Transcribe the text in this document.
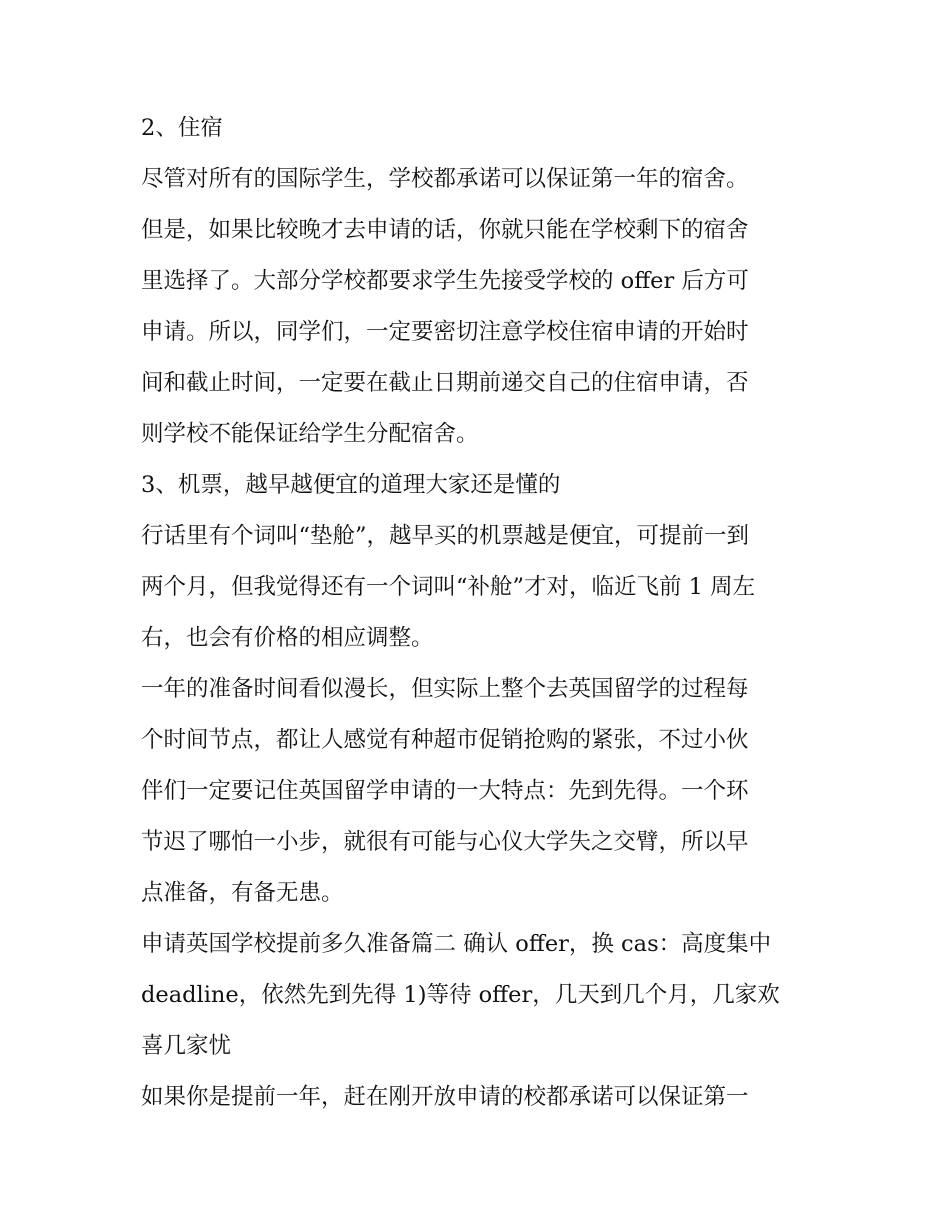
2、住宿

尽管对所有的国际学生，学校都承诺可以保证第一年的宿舍。

但是，如果比较晚才去申请的话，你就只能在学校剩下的宿舍

里选择了。大部分学校都要求学生先接受学校的 offer 后方可

申请。所以，同学们，一定要密切注意学校住宿申请的开始时

间和截止时间，一定要在截止日期前递交自己的住宿申请，否

则学校不能保证给学生分配宿舍。

3、机票，越早越便宜的道理大家还是懂的

行话里有个词叫“垫舱”，越早买的机票越是便宜，可提前一到

两个月，但我觉得还有一个词叫“补舱”才对，临近飞前 1 周左

右，也会有价格的相应调整。

一年的准备时间看似漫长，但实际上整个去英国留学的过程每

个时间节点，都让人感觉有种超市促销抢购的紧张，不过小伙

伴们一定要记住英国留学申请的一大特点：先到先得。一个环

节迟了哪怕一小步，就很有可能与心仪大学失之交臂，所以早

点准备，有备无患。

申请英国学校提前多久准备篇二 确认 offer，换 cas：高度集中

deadline，依然先到先得 1)等待 offer，几天到几个月，几家欢

喜几家忧

如果你是提前一年，赶在刚开放申请的校都承诺可以保证第一
